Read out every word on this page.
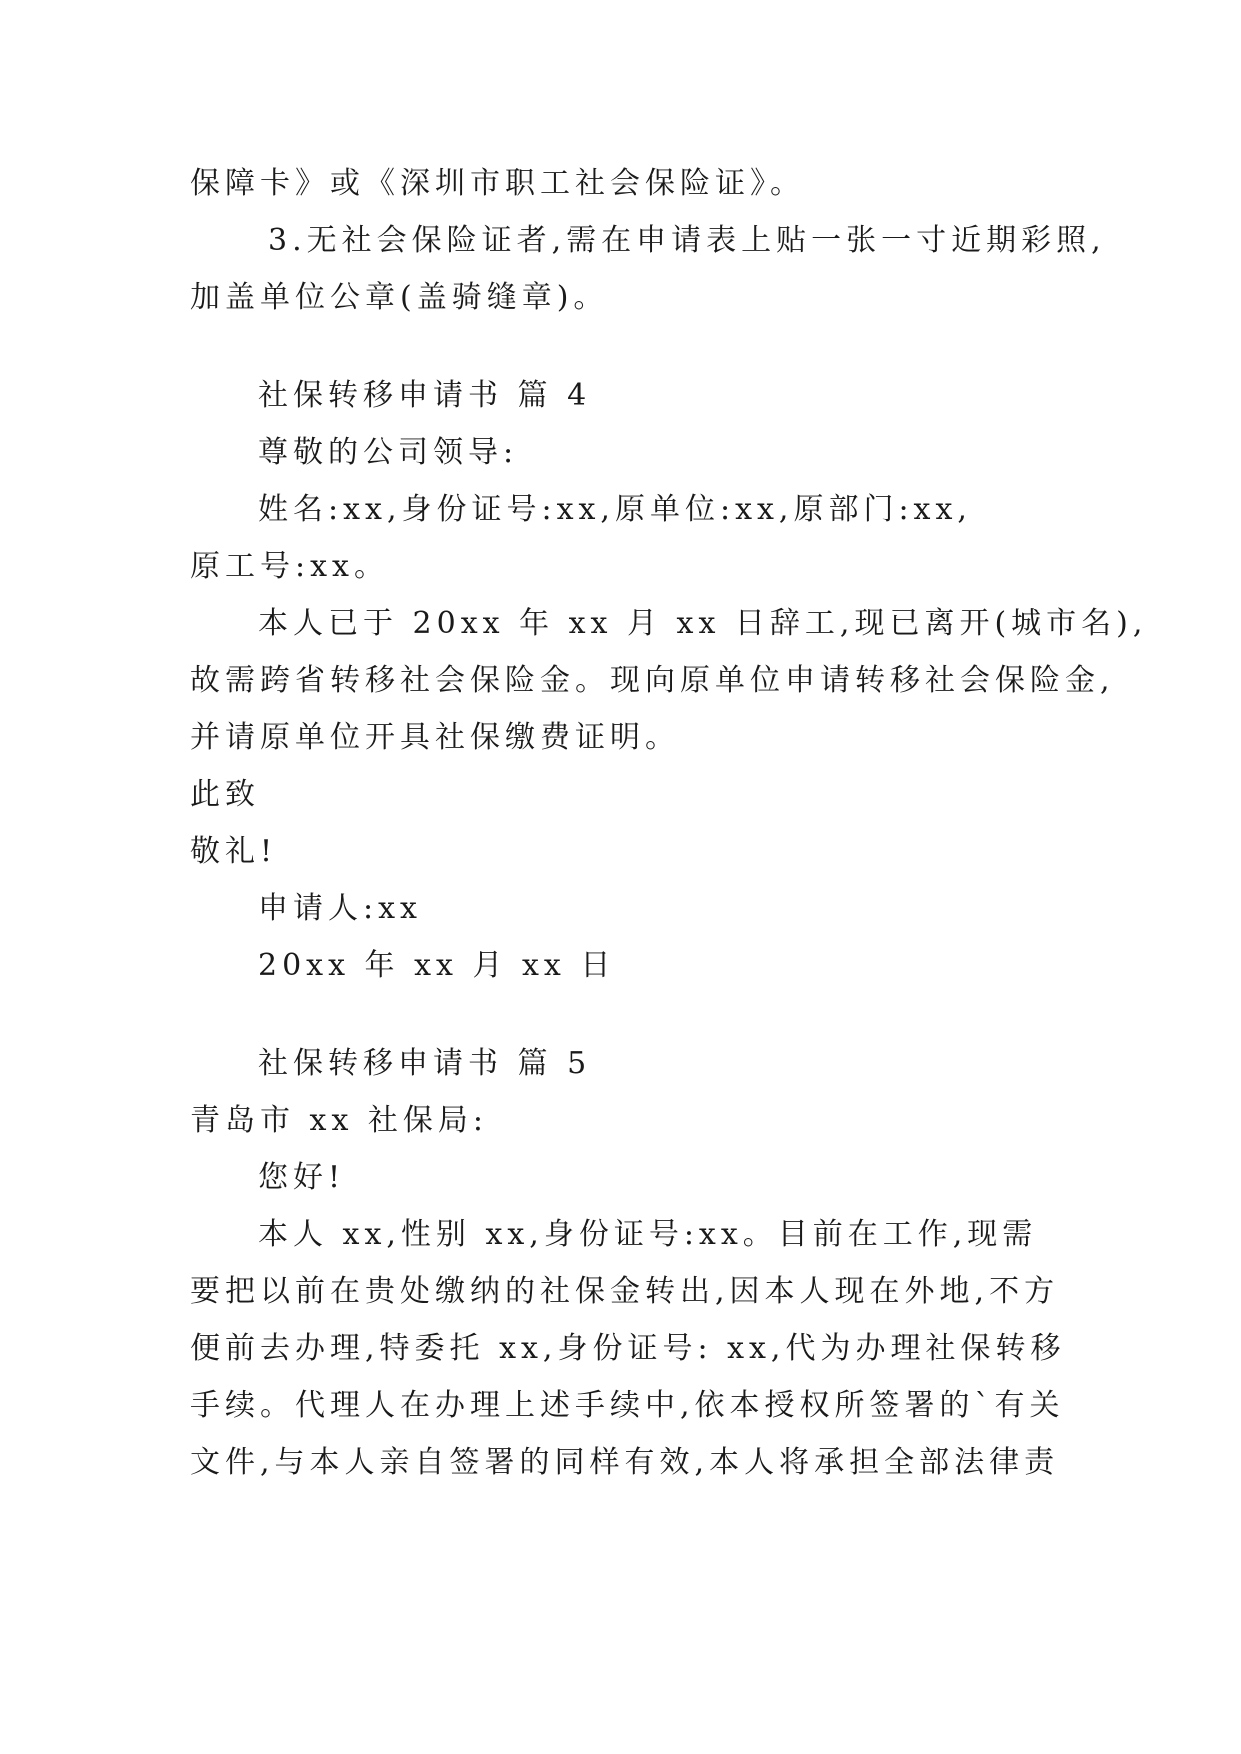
保障卡》或《深圳市职工社会保险证》。
3.无社会保险证者,需在申请表上贴一张一寸近期彩照,
加盖单位公章(盖骑缝章)。
社保转移申请书 篇 4
尊敬的公司领导:
姓名:xx,身份证号:xx,原单位:xx,原部门:xx,
原工号:xx。
本人已于 20xx 年 xx 月 xx 日辞工,现已离开(城市名),
故需跨省转移社会保险金。现向原单位申请转移社会保险金,
并请原单位开具社保缴费证明。
此致
敬礼!
申请人:xx
20xx 年 xx 月 xx 日
社保转移申请书 篇 5
青岛市 xx 社保局:
您好!
本人 xx,性别 xx,身份证号:xx。目前在工作,现需
要把以前在贵处缴纳的社保金转出,因本人现在外地,不方
便前去办理,特委托 xx,身份证号: xx,代为办理社保转移
手续。代理人在办理上述手续中,依本授权所签署的`有关
文件,与本人亲自签署的同样有效,本人将承担全部法律责
